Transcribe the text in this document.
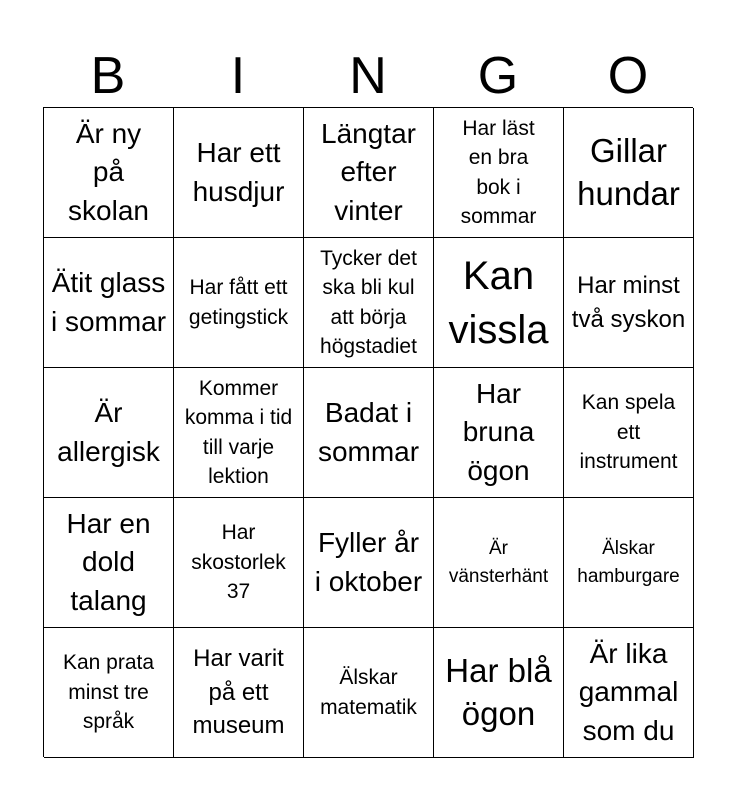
B	I	N	G	O
Är ny på skolan
Har ett husdjur
Längtar efter vinter
Har läst en bra bok i sommar
Gillar hundar
Ätit glass i sommar
Har fått ett getingstick
Tycker det ska bli kul att börja högstadiet
Kan vissla
Har minst två syskon
Är allergisk
Kommer komma i tid till varje lektion
Badat i sommar
Har bruna ögon
Kan spela ett instrument
Har en dold talang
Har skostorlek 37
Fyller år i oktober
Är vänsterhänt
Älskar hamburgare
Kan prata minst tre språk
Har varit på ett museum
Älskar matematik
Har blå ögon
Är lika gammal som du
